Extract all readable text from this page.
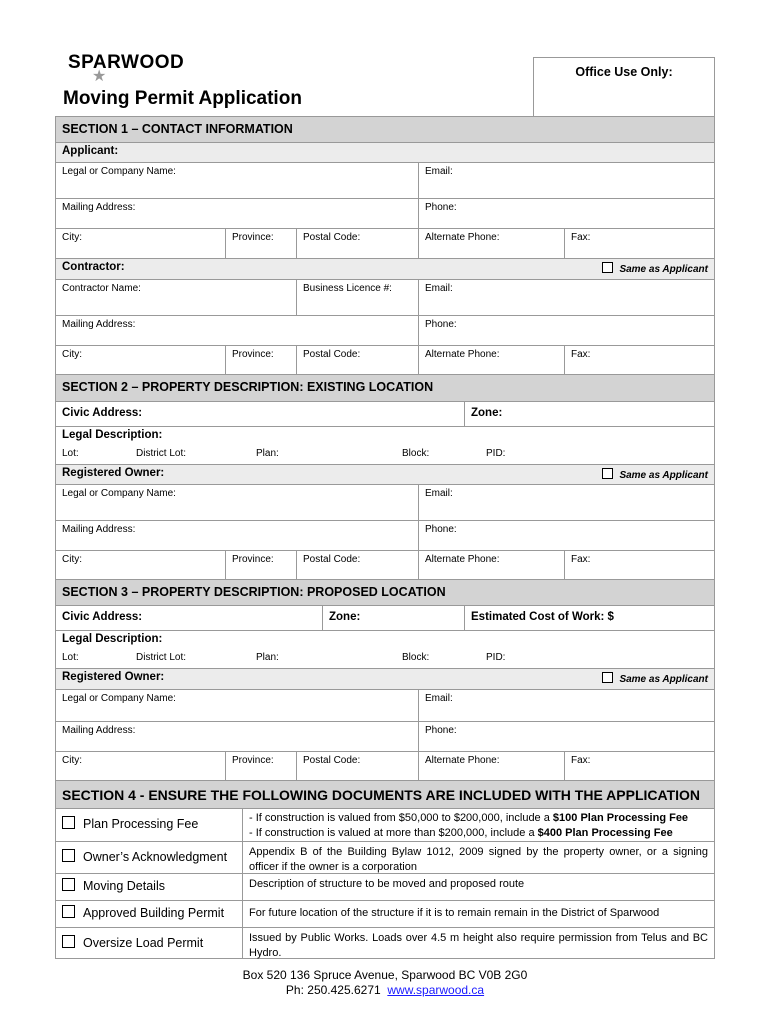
SPARWOOD
★
Moving Permit Application
Office Use Only:
SECTION 1 – CONTACT INFORMATION
Applicant:
Legal or Company Name:	Email:
Mailing Address:	Phone:
City:	Province:	Postal Code:	Alternate Phone:	Fax:
Contractor:	Same as Applicant
Contractor Name:	Business Licence #:	Email:
Mailing Address:	Phone:
City:	Province:	Postal Code:	Alternate Phone:	Fax:
SECTION 2 – PROPERTY DESCRIPTION: EXISTING LOCATION
Civic Address:	Zone:
Legal Description:
Lot:	District Lot:	Plan:	Block:	PID:
Registered Owner:	Same as Applicant
Legal or Company Name:	Email:
Mailing Address:	Phone:
City:	Province:	Postal Code:	Alternate Phone:	Fax:
SECTION 3 – PROPERTY DESCRIPTION: PROPOSED LOCATION
Civic Address:	Zone:	Estimated Cost of Work: $
Legal Description:
Lot:	District Lot:	Plan:	Block:	PID:
Registered Owner:	Same as Applicant
Legal or Company Name:	Email:
Mailing Address:	Phone:
City:	Province:	Postal Code:	Alternate Phone:	Fax:
SECTION 4 - ENSURE THE FOLLOWING DOCUMENTS ARE INCLUDED WITH THE APPLICATION
Plan Processing Fee	- If construction is valued from $50,000 to $200,000, include a $100 Plan Processing Fee
- If construction is valued at more than $200,000, include a $400 Plan Processing Fee
Owner’s Acknowledgment	Appendix B of the Building Bylaw 1012, 2009 signed by the property owner, or a signing officer if the owner is a corporation
Moving Details	Description of structure to be moved and proposed route
Approved Building Permit	For future location of the structure if it is to remain remain in the District of Sparwood
Oversize Load Permit	Issued by Public Works. Loads over 4.5 m height also require permission from Telus and BC Hydro.
Box 520 136 Spruce Avenue, Sparwood BC V0B 2G0
Ph: 250.425.6271 www.sparwood.ca
